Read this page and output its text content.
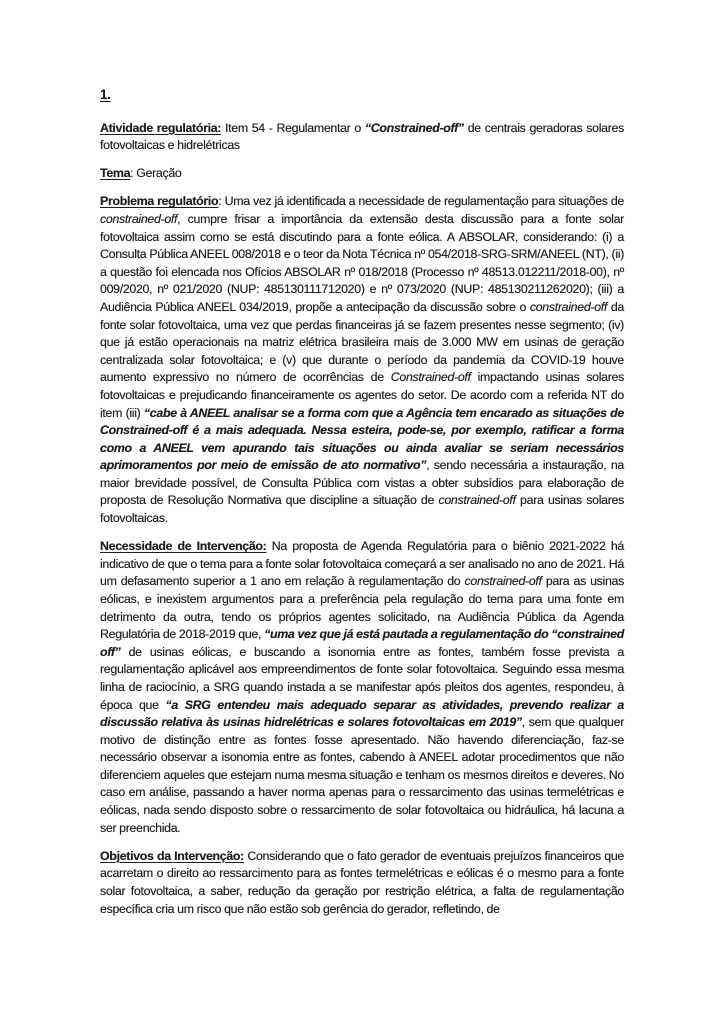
1.

Atividade regulatória: Item 54 - Regulamentar o “Constrained-off” de centrais geradoras solares fotovoltaicas e hidrelétricas

Tema: Geração

Problema regulatório: Uma vez já identificada a necessidade de regulamentação para situações de constrained-off, cumpre frisar a importância da extensão desta discussão para a fonte solar fotovoltaica assim como se está discutindo para a fonte eólica. A ABSOLAR, considerando: (i) a Consulta Pública ANEEL 008/2018 e o teor da Nota Técnica nº 054/2018-SRG-SRM/ANEEL (NT), (ii) a questão foi elencada nos Ofícios ABSOLAR nº 018/2018 (Processo nº 48513.012211/2018-00), nº 009/2020, nº 021/2020 (NUP: 485130111712020) e nº 073/2020 (NUP: 485130211262020); (iii) a Audiência Pública ANEEL 034/2019, propõe a antecipação da discussão sobre o constrained-off da fonte solar fotovoltaica, uma vez que perdas financeiras já se fazem presentes nesse segmento; (iv) que já estão operacionais na matriz elétrica brasileira mais de 3.000 MW em usinas de geração centralizada solar fotovoltaica; e (v) que durante o período da pandemia da COVID-19 houve aumento expressivo no número de ocorrências de Constrained-off impactando usinas solares fotovoltaicas e prejudicando financeiramente os agentes do setor. De acordo com a referida NT do item (iii) “cabe à ANEEL analisar se a forma com que a Agência tem encarado as situações de Constrained-off é a mais adequada. Nessa esteira, pode-se, por exemplo, ratificar a forma como a ANEEL vem apurando tais situações ou ainda avaliar se seriam necessários aprimoramentos por meio de emissão de ato normativo”, sendo necessária a instauração, na maior brevidade possível, de Consulta Pública com vistas a obter subsídios para elaboração de proposta de Resolução Normativa que discipline a situação de constrained-off para usinas solares fotovoltaicas.

Necessidade de Intervenção: Na proposta de Agenda Regulatória para o biênio 2021-2022 há indicativo de que o tema para a fonte solar fotovoltaica começará a ser analisado no ano de 2021. Há um defasamento superior a 1 ano em relação à regulamentação do constrained-off para as usinas eólicas, e inexistem argumentos para a preferência pela regulação do tema para uma fonte em detrimento da outra, tendo os próprios agentes solicitado, na Audiência Pública da Agenda Regulatória de 2018-2019 que, “uma vez que já está pautada a regulamentação do “constrained off” de usinas eólicas, e buscando a isonomia entre as fontes, também fosse prevista a regulamentação aplicável aos empreendimentos de fonte solar fotovoltaica. Seguindo essa mesma linha de raciocínio, a SRG quando instada a se manifestar após pleitos dos agentes, respondeu, à época que “a SRG entendeu mais adequado separar as atividades, prevendo realizar a discussão relativa às usinas hidrelétricas e solares fotovoltaicas em 2019”, sem que qualquer motivo de distinção entre as fontes fosse apresentado. Não havendo diferenciação, faz-se necessário observar a isonomia entre as fontes, cabendo à ANEEL adotar procedimentos que não diferenciem aqueles que estejam numa mesma situação e tenham os mesmos direitos e deveres. No caso em análise, passando a haver norma apenas para o ressarcimento das usinas termelétricas e eólicas, nada sendo disposto sobre o ressarcimento de solar fotovoltaica ou hidráulica, há lacuna a ser preenchida.

Objetivos da Intervenção: Considerando que o fato gerador de eventuais prejuízos financeiros que acarretam o direito ao ressarcimento para as fontes termelétricas e eólicas é o mesmo para a fonte solar fotovoltaica, a saber, redução da geração por restrição elétrica, a falta de regulamentação específica cria um risco que não estão sob gerência do gerador, refletindo, de
